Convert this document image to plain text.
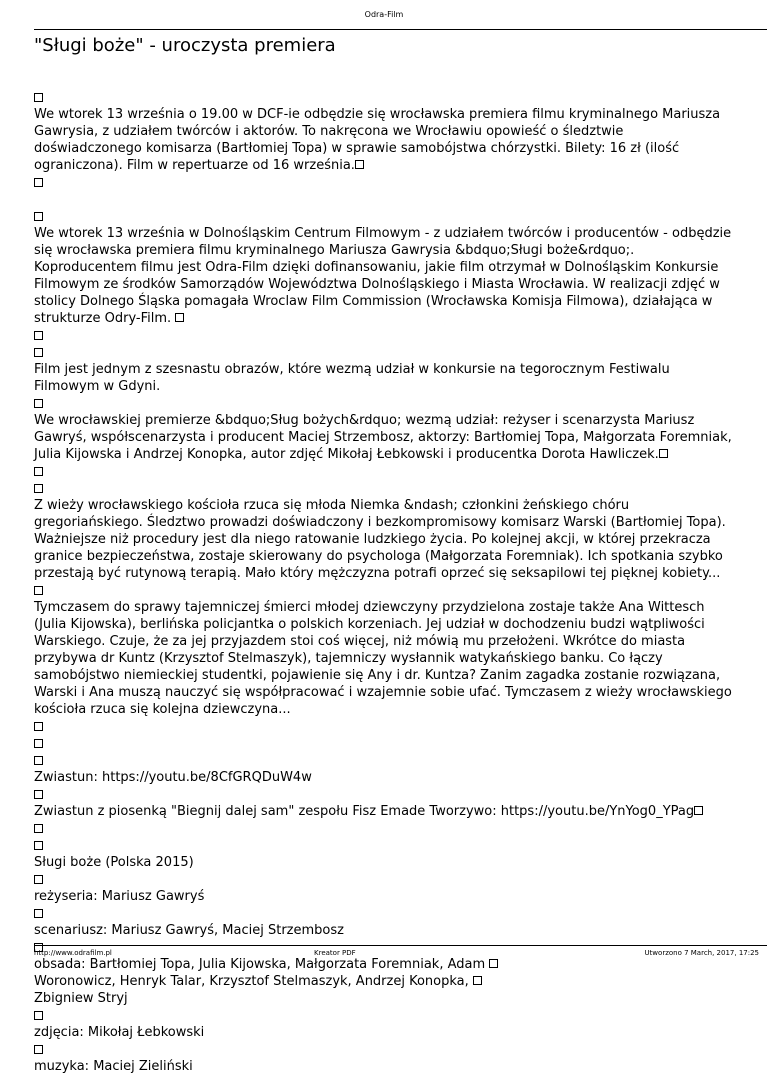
Odra-Film
"Sługi boże" - uroczysta premiera

We wtorek 13 września o 19.00 w DCF-ie odbędzie się wrocławska premiera filmu kryminalnego Mariusza Gawrysia, z udziałem twórców i aktorów. To nakręcona we Wrocławiu opowieść o śledztwie doświadczonego komisarza (Bartłomiej Topa) w sprawie samobójstwa chórzystki. Bilety: 16 zł (ilość ograniczona). Film w repertuarze od 16 września.

We wtorek 13 września w Dolnośląskim Centrum Filmowym - z udziałem twórców i producentów - odbędzie się wrocławska premiera filmu kryminalnego Mariusza Gawrysia &bdquo;Sługi boże&rdquo;. Koproducentem filmu jest Odra-Film dzięki dofinansowaniu, jakie film otrzymał w Dolnośląskim Konkursie Filmowym ze środków Samorządów Województwa Dolnośląskiego i Miasta Wrocławia. W realizacji zdjęć w stolicy Dolnego Śląska pomagała Wroclaw Film Commission (Wrocławska Komisja Filmowa), działająca w strukturze Odry-Film.

Film jest jednym z szesnastu obrazów, które wezmą udział w konkursie na tegorocznym Festiwalu Filmowym w Gdyni.

We wrocławskiej premierze &bdquo;Sług bożych&rdquo; wezmą udział: reżyser i scenarzysta Mariusz Gawryś, współscenarzysta i producent Maciej Strzembosz, aktorzy: Bartłomiej Topa, Małgorzata Foremniak, Julia Kijowska i Andrzej Konopka, autor zdjęć Mikołaj Łebkowski i producentka Dorota Hawliczek.

Z wieży wrocławskiego kościoła rzuca się młoda Niemka &ndash; członkini żeńskiego chóru gregoriańskiego. Śledztwo prowadzi doświadczony i bezkompromisowy komisarz Warski (Bartłomiej Topa). Ważniejsze niż procedury jest dla niego ratowanie ludzkiego życia. Po kolejnej akcji, w której przekracza granice bezpieczeństwa, zostaje skierowany do psychologa (Małgorzata Foremniak). Ich spotkania szybko przestają być rutynową terapią. Mało który mężczyzna potrafi oprzeć się seksapilowi tej pięknej kobiety...

Tymczasem do sprawy tajemniczej śmierci młodej dziewczyny przydzielona zostaje także Ana Wittesch (Julia Kijowska), berlińska policjantka o polskich korzeniach. Jej udział w dochodzeniu budzi wątpliwości Warskiego. Czuje, że za jej przyjazdem stoi coś więcej, niż mówią mu przełożeni. Wkrótce do miasta przybywa dr Kuntz (Krzysztof Stelmaszyk), tajemniczy wysłannik watykańskiego banku. Co łączy samobójstwo niemieckiej studentki, pojawienie się Any i dr. Kuntza? Zanim zagadka zostanie rozwiązana, Warski i Ana muszą nauczyć się współpracować i wzajemnie sobie ufać. Tymczasem z wieży wrocławskiego kościoła rzuca się kolejna dziewczyna...

Zwiastun: https://youtu.be/8CfGRQDuW4w

Zwiastun z piosenką "Biegnij dalej sam" zespołu Fisz Emade Tworzywo: https://youtu.be/YnYog0_YPag

Sługi boże (Polska 2015)

reżyseria: Mariusz Gawryś

scenariusz: Mariusz Gawryś, Maciej Strzembosz

obsada: Bartłomiej Topa, Julia Kijowska, Małgorzata Foremniak, Adam

Woronowicz, Henryk Talar, Krzysztof Stelmaszyk, Andrzej Konopka,

Zbigniew Stryj

zdjęcia: Mikołaj Łebkowski

muzyka: Maciej Zieliński

http://www.odrafilm.pl	Kreator PDF	Utworzono 7 March, 2017, 17:25
